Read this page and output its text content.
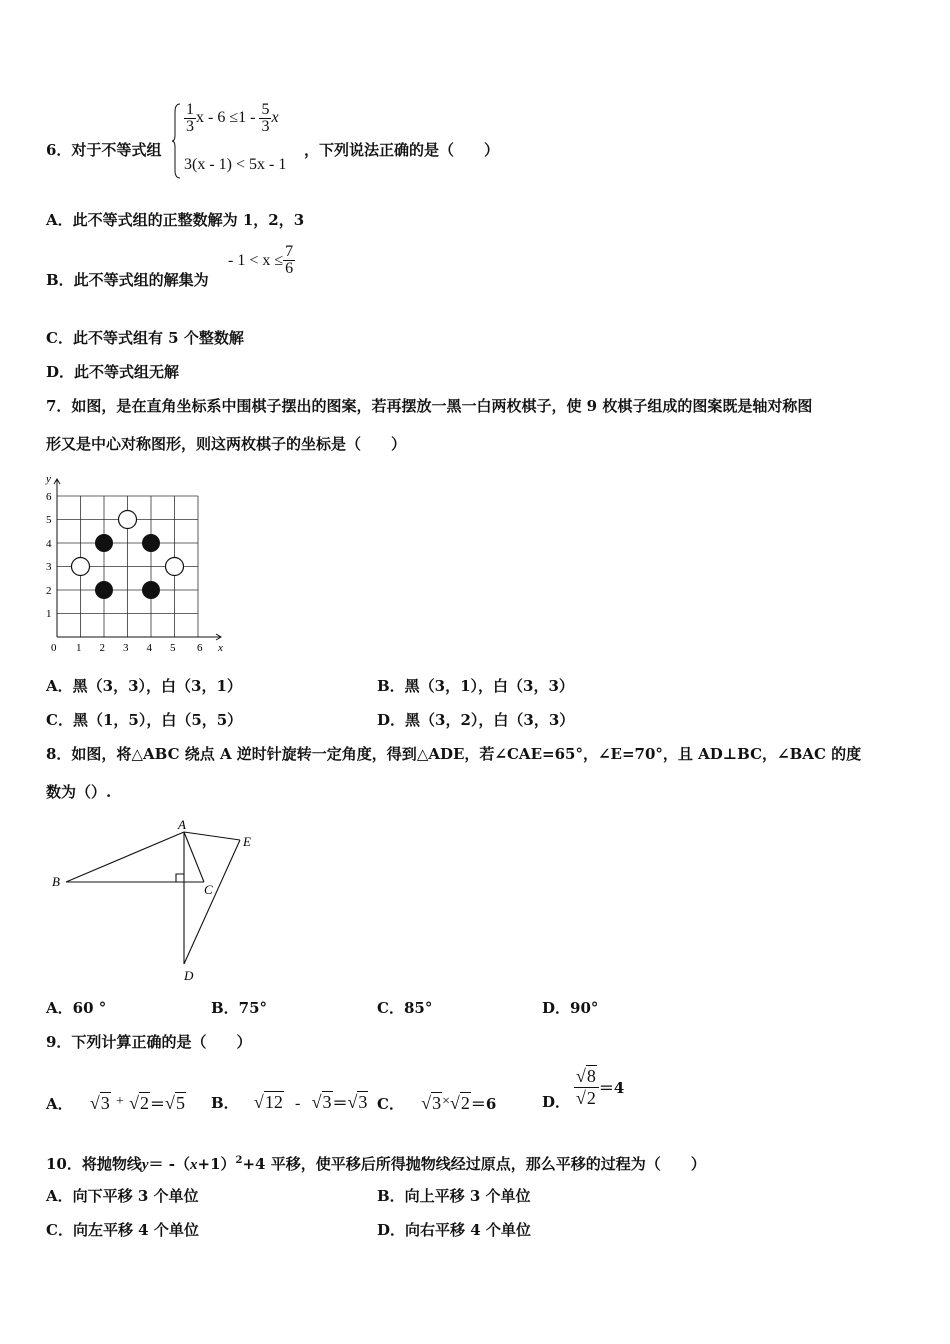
6．对于不等式组
$\frac{1}{3}$ $x - 6 \le 1 - \frac{5}{3}$ x
3(x - 1) < 5x - 1
，下列说法正确的是（　　）
A．此不等式组的正整数解为 1，2，3
B．此不等式组的解集为
- $1 < x \le \frac{7}{6}$
C．此不等式组有 5 个整数解
D．此不等式组无解
7．如图，是在直角坐标系中围棋子摆出的图案，若再摆放一黑一白两枚棋子，使 9 枚棋子组成的图案既是轴对称图
形又是中心对称图形，则这两枚棋子的坐标是（　　）
y
x
0 1 2 3 4 5 6
1
2
3
4
5
6
A．黑（3，3），白（3，1）	B．黑（3，1），白（3，3）
C．黑（1，5），白（5，5）	D．黑（3，2），白（3，3）
8．如图，将△ABC 绕点 A 逆时针旋转一定角度，得到△ADE，若∠CAE=65°，∠E=70°，且 AD⊥BC，∠BAC 的度
数为（）.
A
B
C
D
E
A．60 °	B．75°	C．85°	D．90°
9．下列计算正确的是（　　）
A． √3 + √2＝√5 B． √12 - √3＝√3 C． √3×√2＝6	D． $\frac{√8}{√2} =4$
10．将抛物线$y= -(x+1)^2+4$ 平移，使平移后所得抛物线经过原点，那么平移的过程为（　　）
A．向下平移 3 个单位	B．向上平移 3 个单位
C．向左平移 4 个单位	D．向右平移 4 个单位
